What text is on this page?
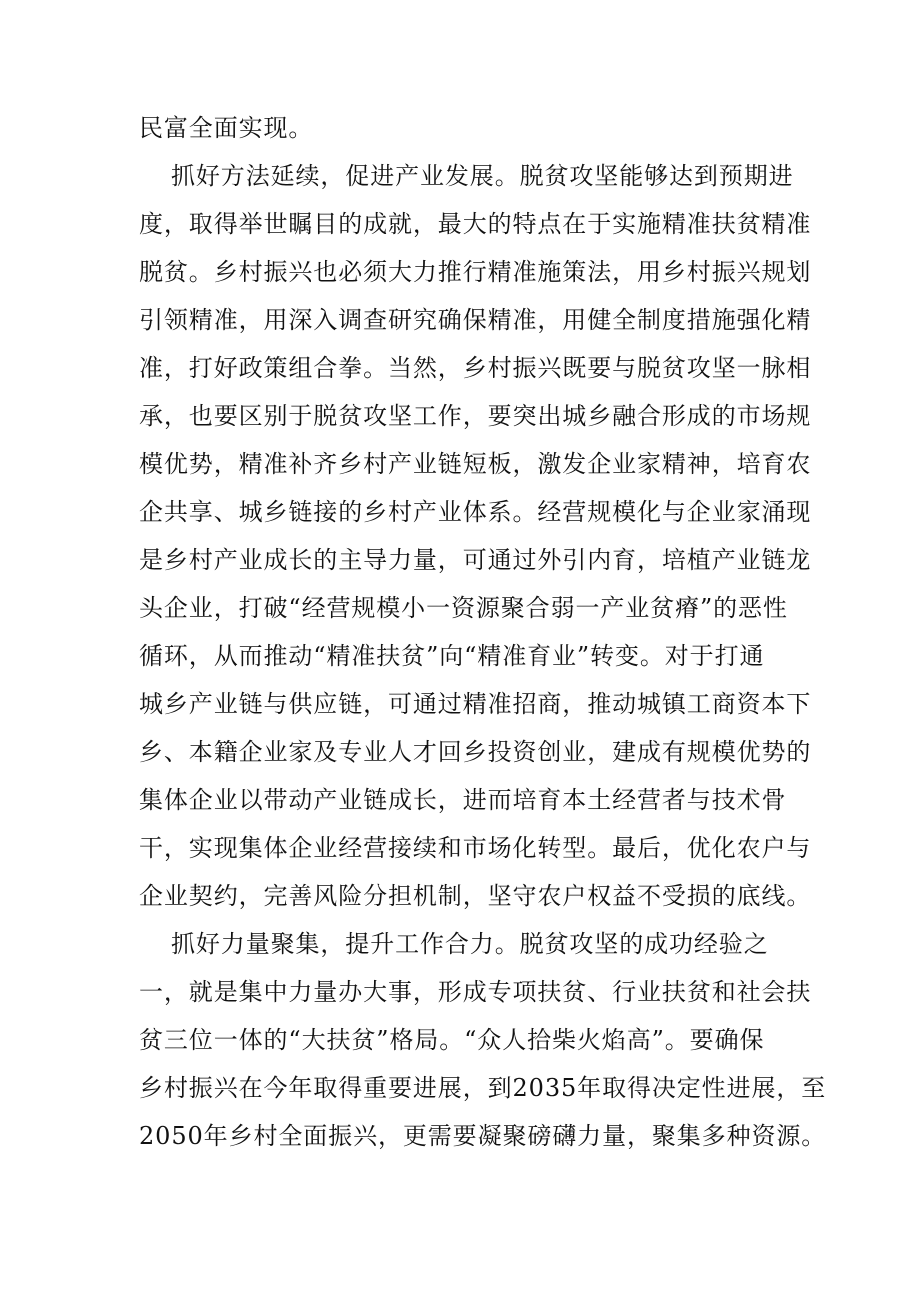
民富全面实现。
抓好方法延续，促进产业发展。脱贫攻坚能够达到预期进
度，取得举世瞩目的成就，最大的特点在于实施精准扶贫精准
脱贫。乡村振兴也必须大力推行精准施策法，用乡村振兴规划
引领精准，用深入调查研究确保精准，用健全制度措施强化精
准，打好政策组合拳。当然，乡村振兴既要与脱贫攻坚一脉相
承，也要区别于脱贫攻坚工作，要突出城乡融合形成的市场规
模优势，精准补齐乡村产业链短板，激发企业家精神，培育农
企共享、城乡链接的乡村产业体系。经营规模化与企业家涌现
是乡村产业成长的主导力量，可通过外引内育，培植产业链龙
头企业，打破“经营规模小一资源聚合弱一产业贫瘠”的恶性
循环，从而推动“精准扶贫”向“精准育业”转变。对于打通
城乡产业链与供应链，可通过精准招商，推动城镇工商资本下
乡、本籍企业家及专业人才回乡投资创业，建成有规模优势的
集体企业以带动产业链成长，进而培育本土经营者与技术骨
干，实现集体企业经营接续和市场化转型。最后，优化农户与
企业契约，完善风险分担机制，坚守农户权益不受损的底线。
抓好力量聚集，提升工作合力。脱贫攻坚的成功经验之
一，就是集中力量办大事，形成专项扶贫、行业扶贫和社会扶
贫三位一体的“大扶贫”格局。“众人拾柴火焰高”。要确保
乡村振兴在今年取得重要进展，到2035年取得决定性进展，至
2050年乡村全面振兴，更需要凝聚磅礴力量，聚集多种资源。
